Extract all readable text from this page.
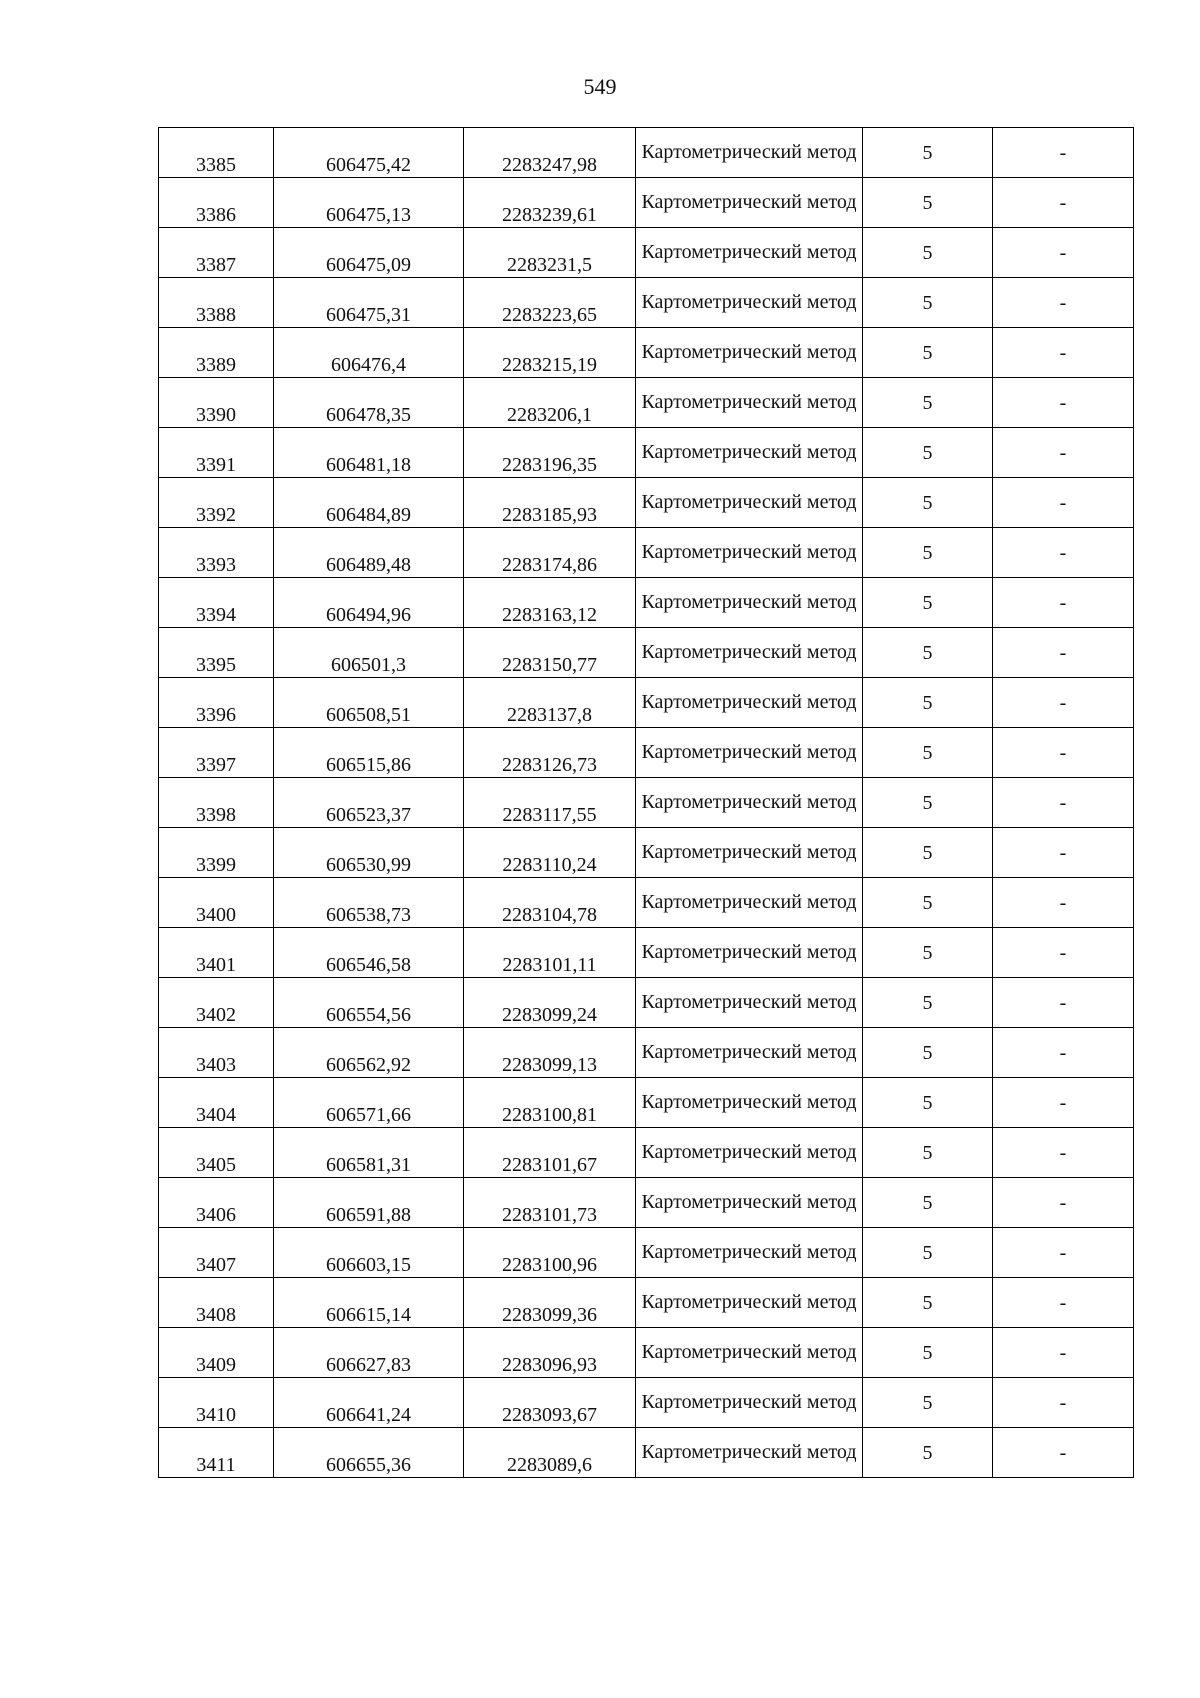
549
3385	606475,42	2283247,98	Картометрический метод	5	-
3386	606475,13	2283239,61	Картометрический метод	5	-
3387	606475,09	2283231,5	Картометрический метод	5	-
3388	606475,31	2283223,65	Картометрический метод	5	-
3389	606476,4	2283215,19	Картометрический метод	5	-
3390	606478,35	2283206,1	Картометрический метод	5	-
3391	606481,18	2283196,35	Картометрический метод	5	-
3392	606484,89	2283185,93	Картометрический метод	5	-
3393	606489,48	2283174,86	Картометрический метод	5	-
3394	606494,96	2283163,12	Картометрический метод	5	-
3395	606501,3	2283150,77	Картометрический метод	5	-
3396	606508,51	2283137,8	Картометрический метод	5	-
3397	606515,86	2283126,73	Картометрический метод	5	-
3398	606523,37	2283117,55	Картометрический метод	5	-
3399	606530,99	2283110,24	Картометрический метод	5	-
3400	606538,73	2283104,78	Картометрический метод	5	-
3401	606546,58	2283101,11	Картометрический метод	5	-
3402	606554,56	2283099,24	Картометрический метод	5	-
3403	606562,92	2283099,13	Картометрический метод	5	-
3404	606571,66	2283100,81	Картометрический метод	5	-
3405	606581,31	2283101,67	Картометрический метод	5	-
3406	606591,88	2283101,73	Картометрический метод	5	-
3407	606603,15	2283100,96	Картометрический метод	5	-
3408	606615,14	2283099,36	Картометрический метод	5	-
3409	606627,83	2283096,93	Картометрический метод	5	-
3410	606641,24	2283093,67	Картометрический метод	5	-
3411	606655,36	2283089,6	Картометрический метод	5	-
